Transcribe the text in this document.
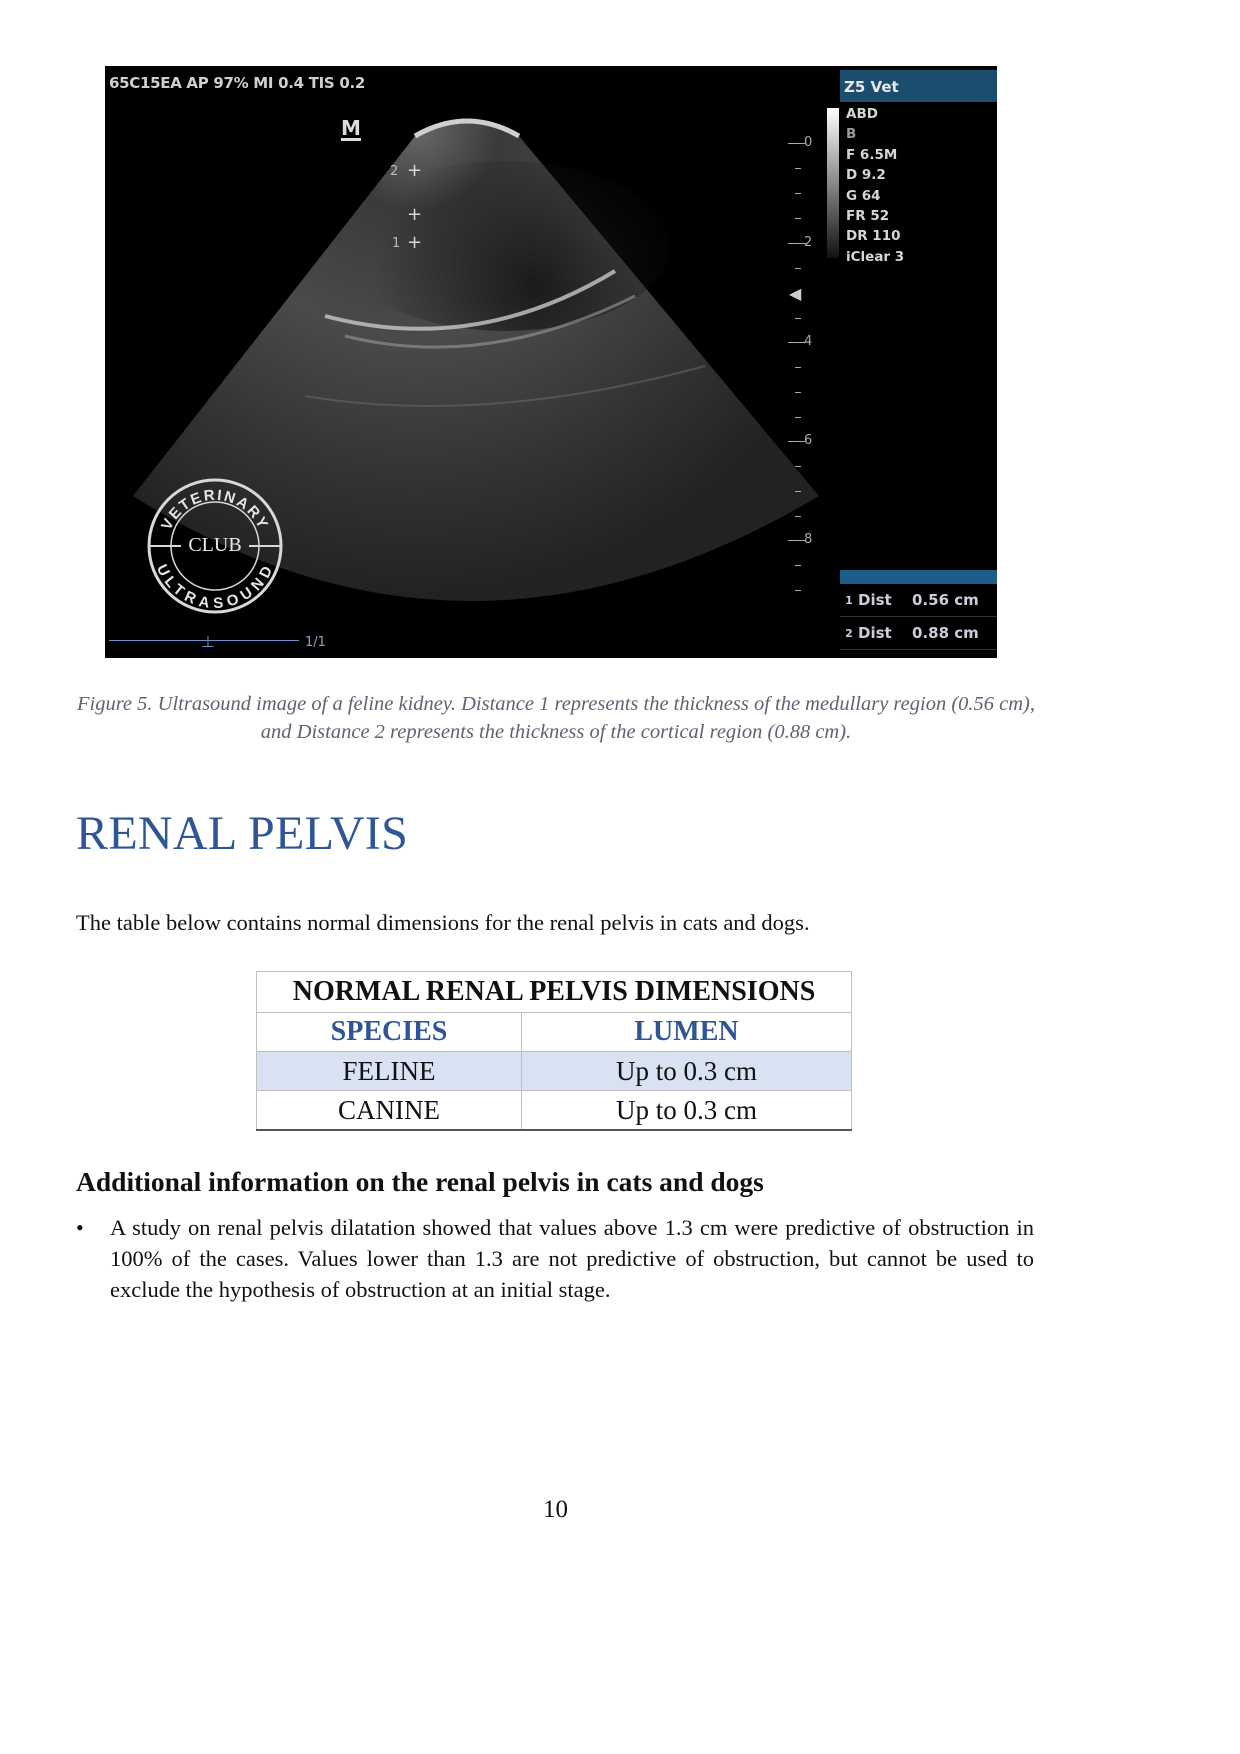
65C15EA AP 97% MI 0.4 TIS 0.2
M
2 +
+
1 +
0
2
◀
4
6
8
Z5 Vet
ABD
B
F 6.5M
D 9.2
G 64
FR 52
DR 110
iClear 3
1 Dist	0.56 cm
2 Dist	0.88 cm
⊥	1/1
VETERINARY
ULTRASOUND
CLUB
Figure 5. Ultrasound image of a feline kidney. Distance 1 represents the thickness of the medullary region (0.56 cm), and Distance 2 represents the thickness of the cortical region (0.88 cm).
RENAL PELVIS

The table below contains normal dimensions for the renal pelvis in cats and dogs.

NORMAL RENAL PELVIS DIMENSIONS	
SPECIES	LUMEN
FELINE	Up to 0.3 cm
CANINE	Up to 0.3 cm
Additional information on the renal pelvis in cats and dogs
• A study on renal pelvis dilatation showed that values above 1.3 cm were predictive of obstruction in 100% of the cases. Values lower than 1.3 are not predictive of obstruction, but cannot be used to exclude the hypothesis of obstruction at an initial stage.

10
